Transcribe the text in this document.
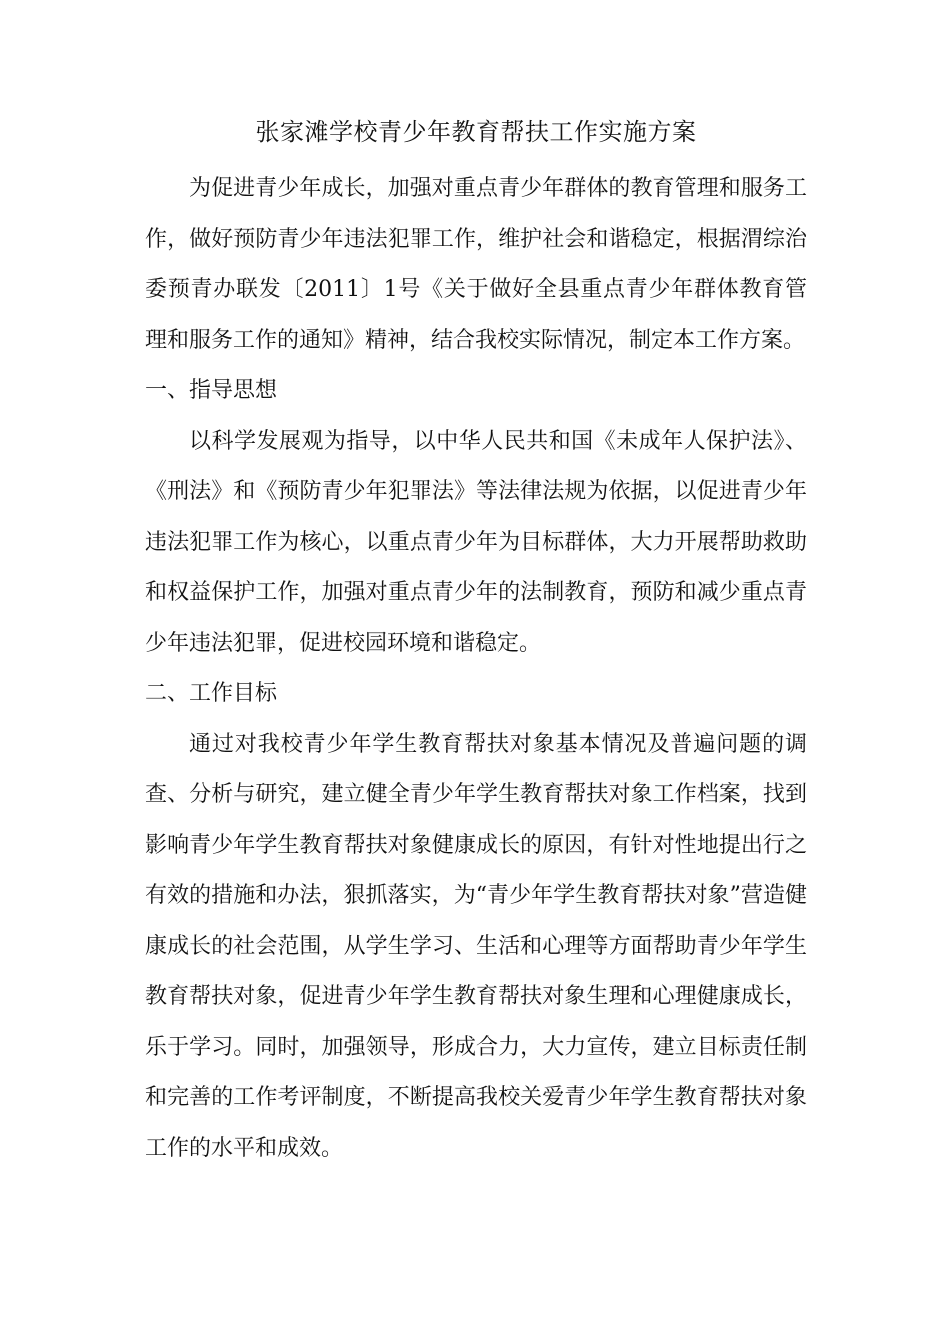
张家滩学校青少年教育帮扶工作实施方案

为促进青少年成长，加强对重点青少年群体的教育管理和服务工作，做好预防青少年违法犯罪工作，维护社会和谐稳定，根据渭综治委预青办联发〔2011〕1号《关于做好全县重点青少年群体教育管理和服务工作的通知》精神，结合我校实际情况，制定本工作方案。

一、指导思想

以科学发展观为指导，以中华人民共和国《未成年人保护法》、《刑法》和《预防青少年犯罪法》等法律法规为依据，以促进青少年违法犯罪工作为核心，以重点青少年为目标群体，大力开展帮助救助和权益保护工作，加强对重点青少年的法制教育，预防和减少重点青少年违法犯罪，促进校园环境和谐稳定。

二、工作目标

通过对我校青少年学生教育帮扶对象基本情况及普遍问题的调查、分析与研究，建立健全青少年学生教育帮扶对象工作档案，找到影响青少年学生教育帮扶对象健康成长的原因，有针对性地提出行之有效的措施和办法，狠抓落实，为“青少年学生教育帮扶对象”营造健康成长的社会范围，从学生学习、生活和心理等方面帮助青少年学生教育帮扶对象，促进青少年学生教育帮扶对象生理和心理健康成长，乐于学习。同时，加强领导，形成合力，大力宣传，建立目标责任制和完善的工作考评制度，不断提高我校关爱青少年学生教育帮扶对象工作的水平和成效。
